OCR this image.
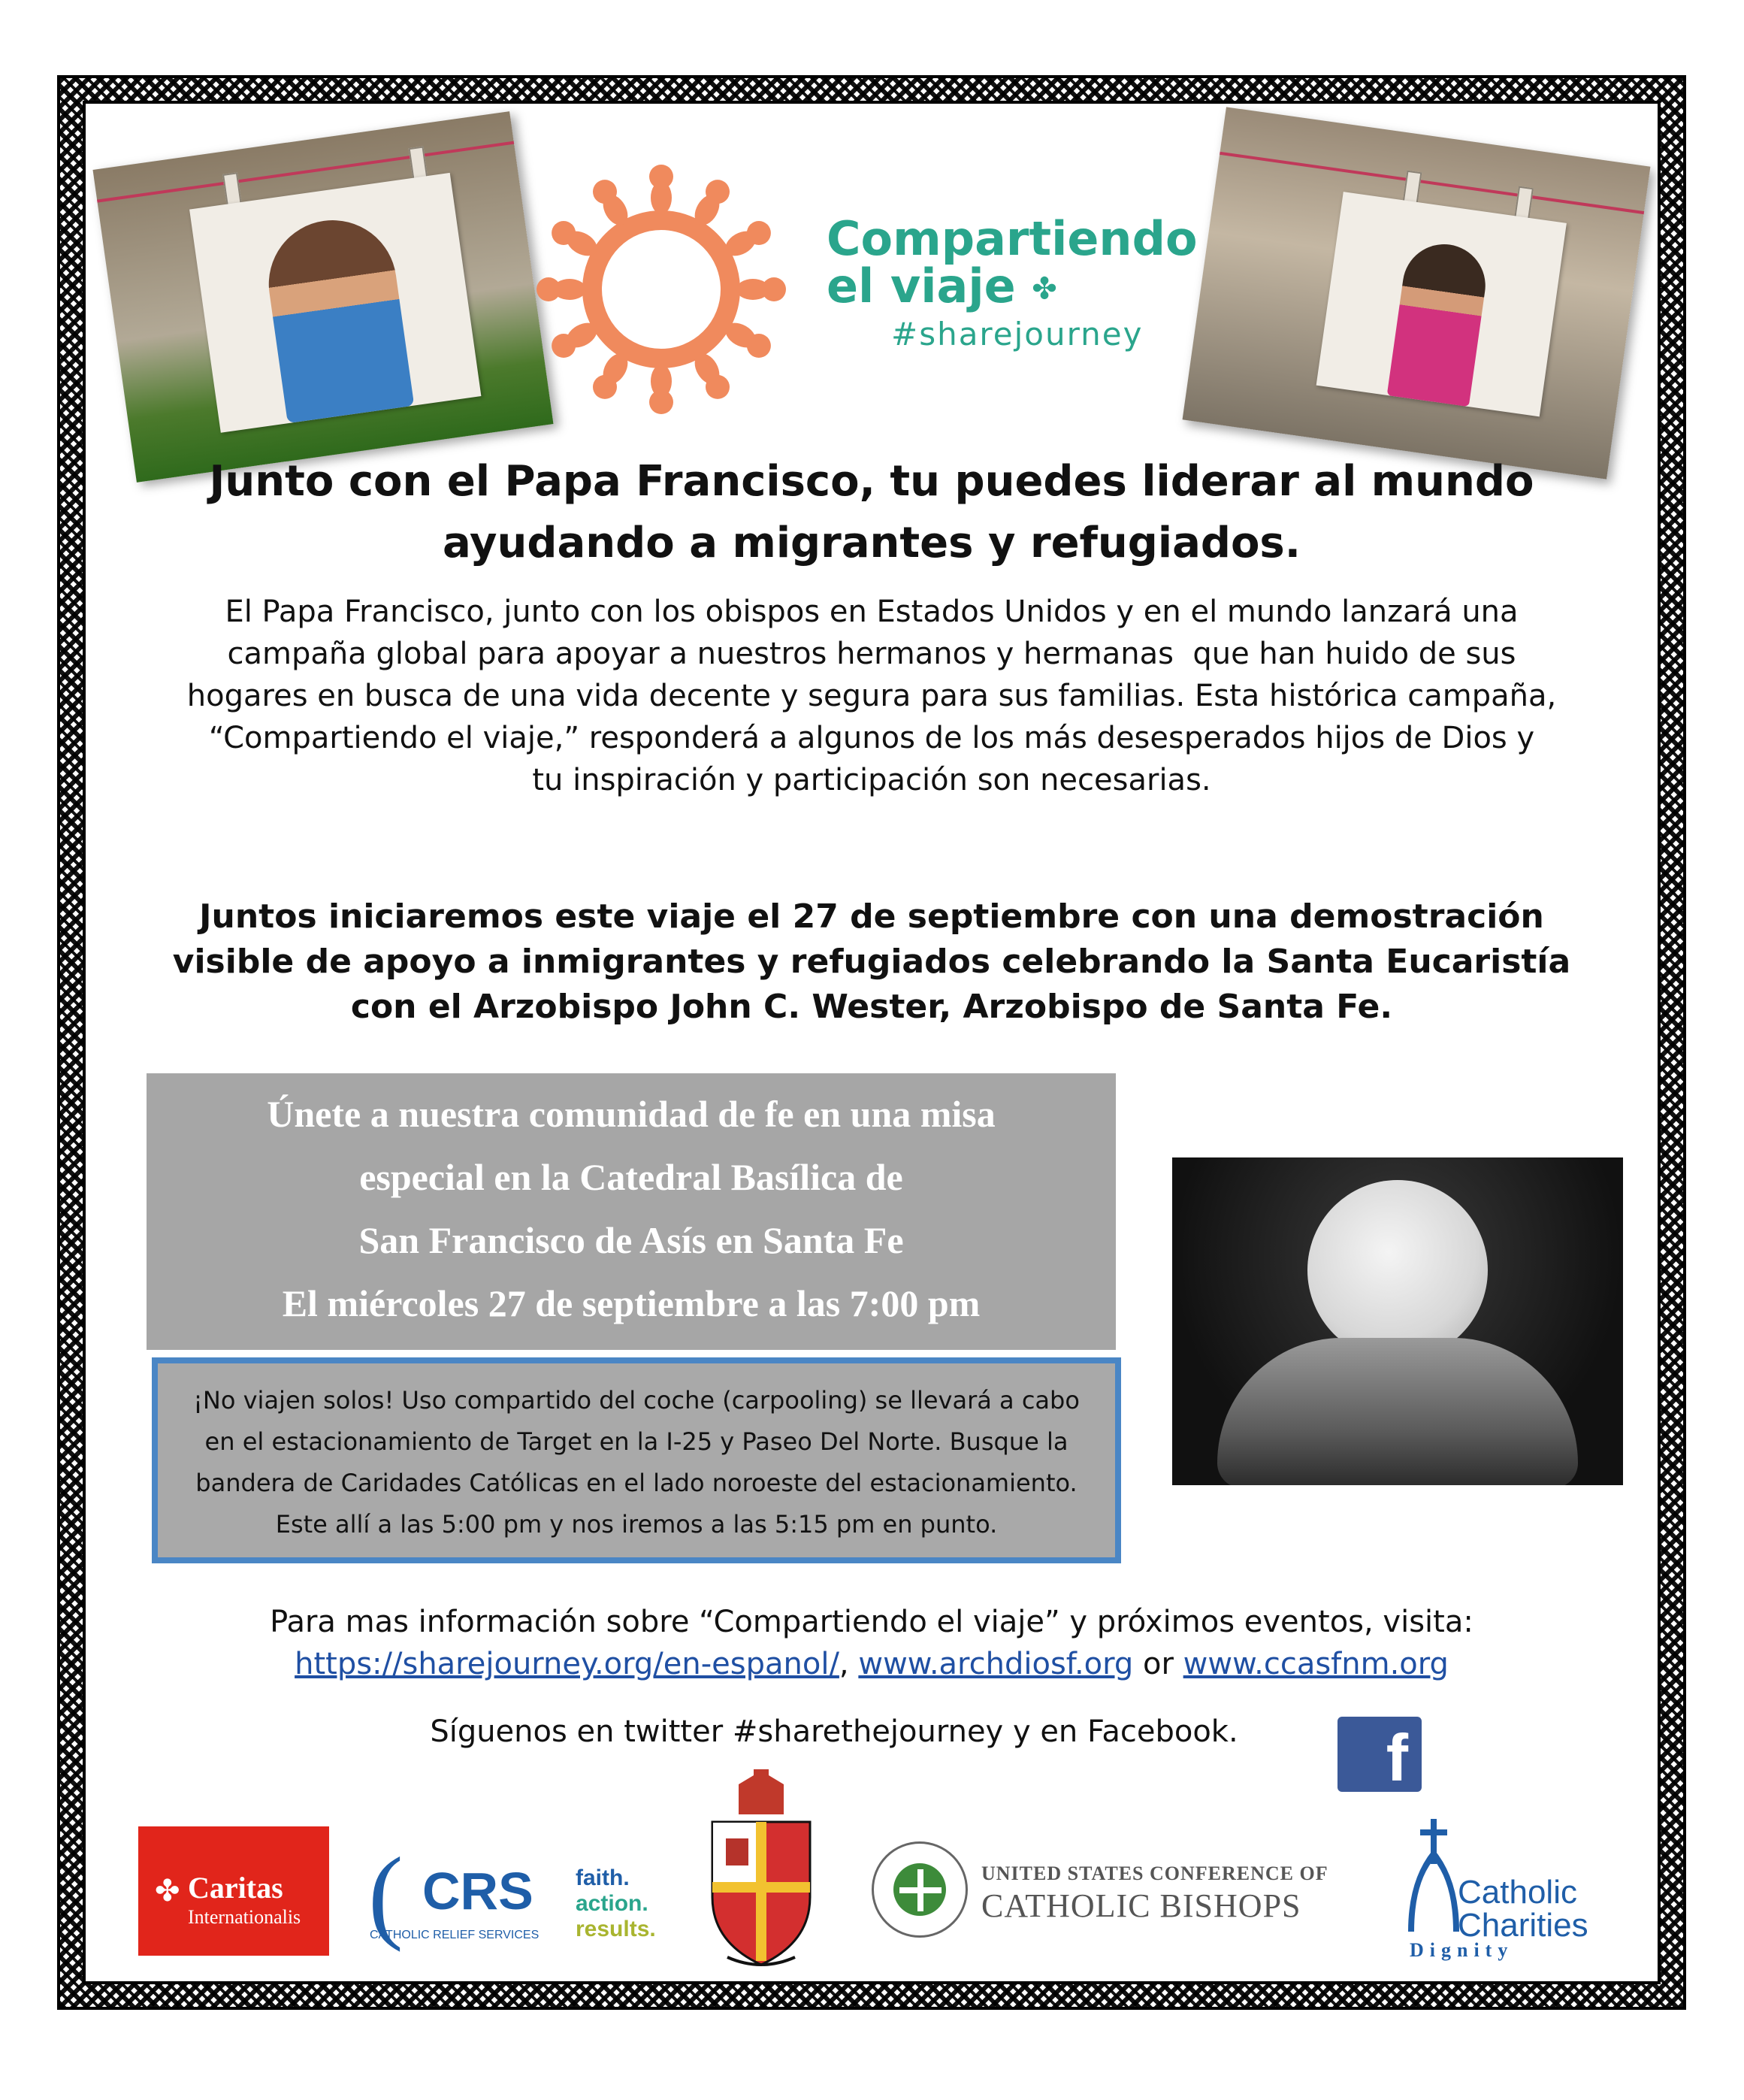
Compartiendo
el viaje ✤
#sharejourney
Junto con el Papa Francisco, tu puedes liderar al mundo
ayudando a migrantes y refugiados.
El Papa Francisco, junto con los obispos en Estados Unidos y en el mundo lanzará una
campaña global para apoyar a nuestros hermanos y hermanas  que han huido de sus
hogares en busca de una vida decente y segura para sus familias. Esta histórica campaña,
“Compartiendo el viaje,” responderá a algunos de los más desesperados hijos de Dios y
tu inspiración y participación son necesarias.
Juntos iniciaremos este viaje el 27 de septiembre con una demostración
visible de apoyo a inmigrantes y refugiados celebrando la Santa Eucaristía
con el Arzobispo John C. Wester, Arzobispo de Santa Fe.
Únete a nuestra comunidad de fe en una misa
especial en la Catedral Basílica de
San Francisco de Asís en Santa Fe
El miércoles 27 de septiembre a las 7:00 pm
¡No viajen solos! Uso compartido del coche (carpooling) se llevará a cabo
en el estacionamiento de Target en la I-25 y Paseo Del Norte. Busque la
bandera de Caridades Católicas en el lado noroeste del estacionamiento.
Este allí a las 5:00 pm y nos iremos a las 5:15 pm en punto.
Para mas información sobre “Compartiendo el viaje” y próximos eventos, visita:
https://sharejourney.org/en-espanol/, www.archdiosf.org or www.ccasfnm.org
Síguenos en twitter #sharethejourney y en Facebook.	f
✤ Caritas
Internationalis ( CRS
CATHOLIC RELIEF SERVICES
faith.
action.
results.
UNITED STATES CONFERENCE OF
CATHOLIC BISHOPS	Catholic
Charities
Dignity
